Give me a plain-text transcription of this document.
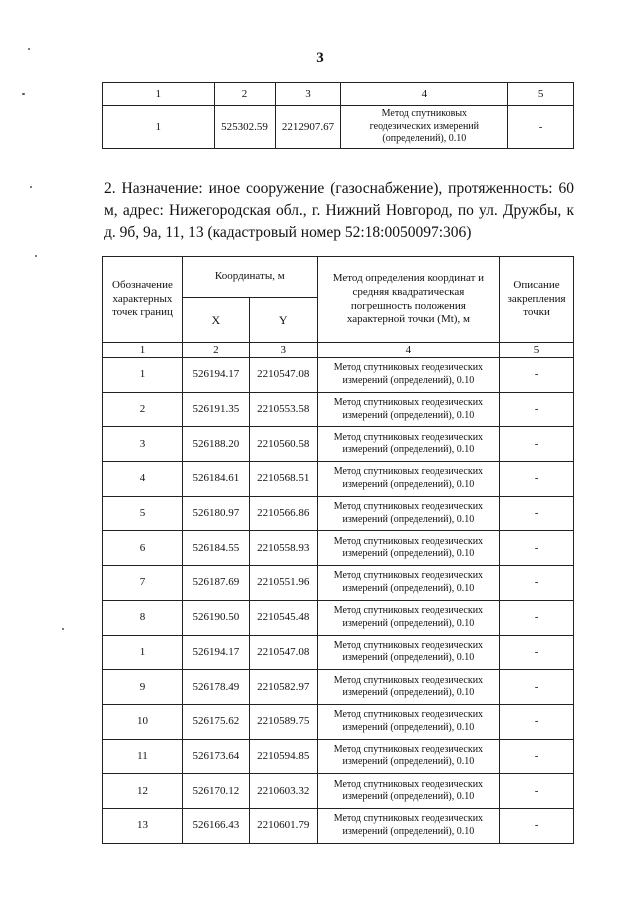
3
1	2	3	4	5
1	525302.59	2212907.67	Метод спутниковых геодезических измерений (определений), 0.10	-
2. Назначение: иное сооружение (газоснабжение), протяженность: 60 м, адрес: Нижегородская обл., г. Нижний Новгород, по ул. Дружбы, к д. 9б, 9а, 11, 13 (кадастровый номер 52:18:0050097:306)
Обозначение характерных точек границ	Координаты, м		Метод определения координат и средняя квадратическая погрешность положения характерной точки (Mt), м	Описание закрепления точки
	X	Y		
1	2	3	4	5
1	526194.17	2210547.08	Метод спутниковых геодезических измерений (определений), 0.10	-
2	526191.35	2210553.58	Метод спутниковых геодезических измерений (определений), 0.10	-
3	526188.20	2210560.58	Метод спутниковых геодезических измерений (определений), 0.10	-
4	526184.61	2210568.51	Метод спутниковых геодезических измерений (определений), 0.10	-
5	526180.97	2210566.86	Метод спутниковых геодезических измерений (определений), 0.10	-
6	526184.55	2210558.93	Метод спутниковых геодезических измерений (определений), 0.10	-
7	526187.69	2210551.96	Метод спутниковых геодезических измерений (определений), 0.10	-
8	526190.50	2210545.48	Метод спутниковых геодезических измерений (определений), 0.10	-
1	526194.17	2210547.08	Метод спутниковых геодезических измерений (определений), 0.10	-
9	526178.49	2210582.97	Метод спутниковых геодезических измерений (определений), 0.10	-
10	526175.62	2210589.75	Метод спутниковых геодезических измерений (определений), 0.10	-
11	526173.64	2210594.85	Метод спутниковых геодезических измерений (определений), 0.10	-
12	526170.12	2210603.32	Метод спутниковых геодезических измерений (определений), 0.10	-
13	526166.43	2210601.79	Метод спутниковых геодезических измерений (определений), 0.10	-
